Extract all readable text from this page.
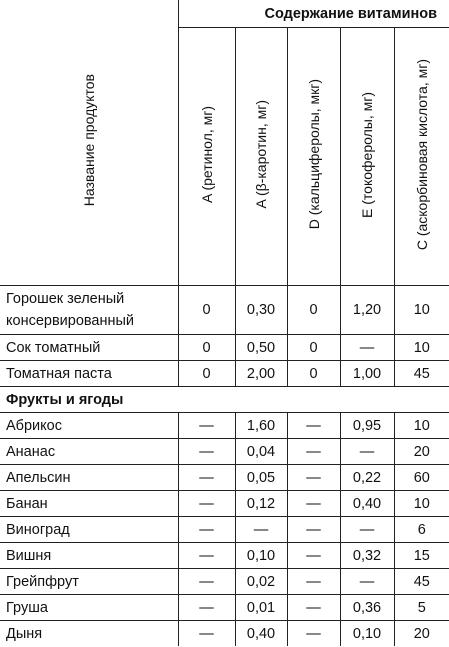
Название продуктов	Содержание витаминов				
	A (ретинол, мг)	A (β-каротин, мг)	D (кальциферолы, мкг)	E (токоферолы, мг)	C (аскорбиновая кислота, мг)
Горошек зеленый консервированный	0	0,30	0	1,20	10
Сок томатный	0	0,50	0	—	10
Томатная паста	0	2,00	0	1,00	45
Фрукты и ягоды					
Абрикос	—	1,60	—	0,95	10
Ананас	—	0,04	—	—	20
Апельсин	—	0,05	—	0,22	60
Банан	—	0,12	—	0,40	10
Виноград	—	—	—	—	6
Вишня	—	0,10	—	0,32	15
Грейпфрут	—	0,02	—	—	45
Груша	—	0,01	—	0,36	5
Дыня	—	0,40	—	0,10	20
